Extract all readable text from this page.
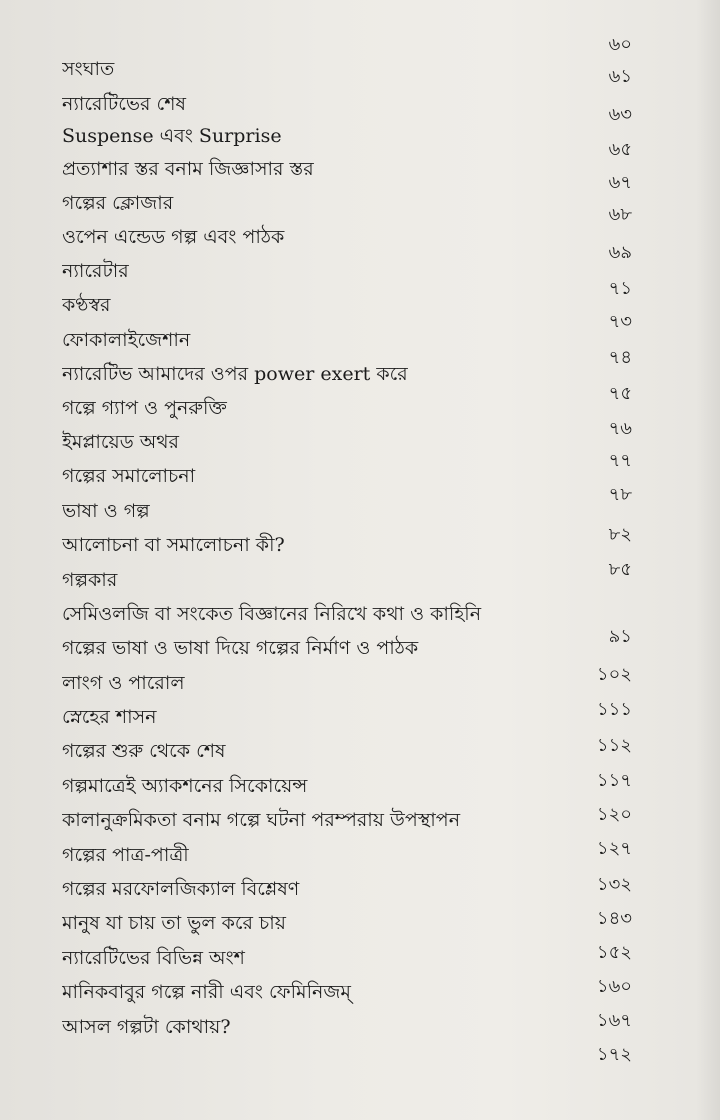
৬০
সংঘাত	৬১
ন্যারেটিভের শেষ	৬৩
Suspense এবং Surprise
৬৫
প্রত্যাশার স্তর বনাম জিজ্ঞাসার স্তর
৬৭
গল্পের ক্লোজার
৬৮
ওপেন এন্ডেড গল্প এবং পাঠক
৬৯
ন্যারেটার
৭১
কণ্ঠস্বর
৭৩
ফোকালাইজেশান
৭৪
ন্যারেটিভ আমাদের ওপর power exert করে
৭৫
গল্পে গ্যাপ ও পুনরুক্তি
৭৬
ইমপ্লায়েড অথর
৭৭
গল্পের সমালোচনা
৭৮
ভাষা ও গল্প
৮২
আলোচনা বা সমালোচনা কী?
৮৫
গল্পকার
সেমিওলজি বা সংকেত বিজ্ঞানের নিরিখে কথা ও কাহিনি
৯১
গল্পের ভাষা ও ভাষা দিয়ে গল্পের নির্মাণ ও পাঠক
১০২
লাংগ ও পারোল
১১১
স্নেহের শাসন
১১২
গল্পের শুরু থেকে শেষ
১১৭
গল্পমাত্রেই অ্যাকশনের সিকোয়েন্স
১২০
কালানুক্রমিকতা বনাম গল্পে ঘটনা পরম্পরায় উপস্থাপন
১২৭
গল্পের পাত্র-পাত্রী
১৩২
গল্পের মরফোলজিক্যাল বিশ্লেষণ
১৪৩
মানুষ যা চায় তা ভুল করে চায়
১৫২
ন্যারেটিভের বিভিন্ন অংশ
১৬০
মানিকবাবুর গল্পে নারী এবং ফেমিনিজম্
১৬৭
আসল গল্পটা কোথায়?
১৭২
